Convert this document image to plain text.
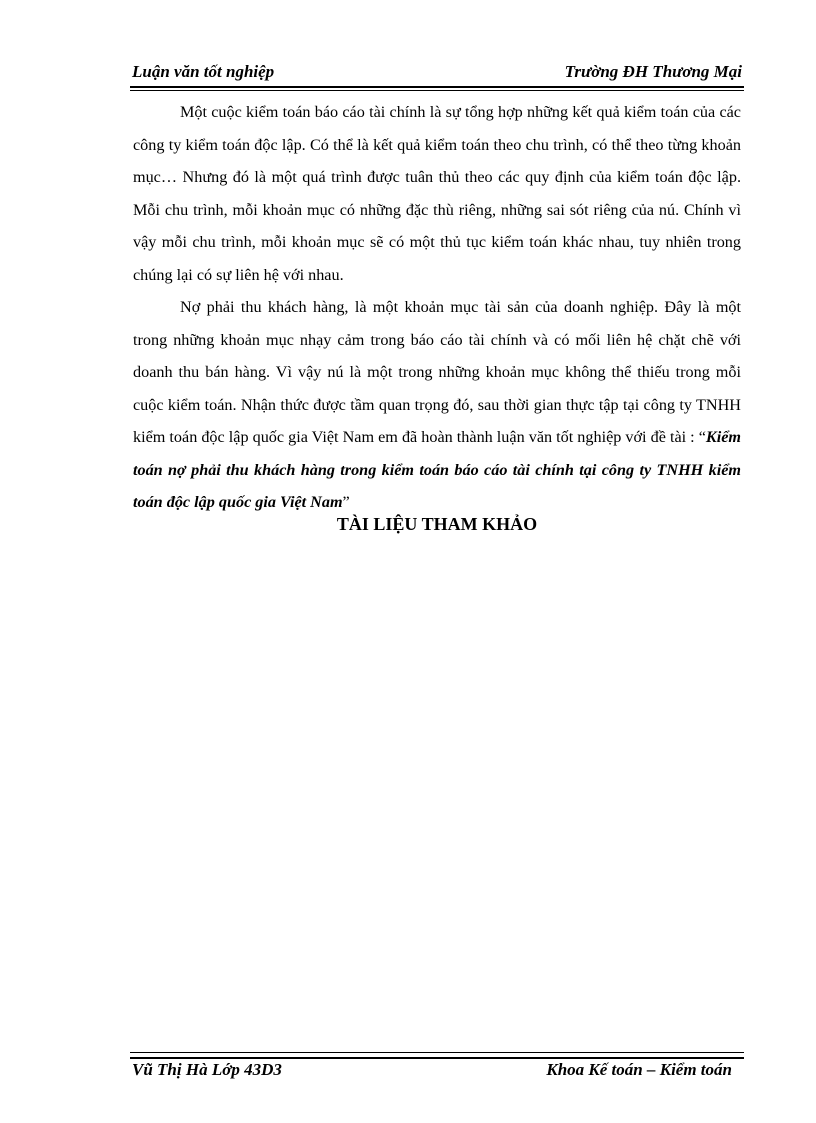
Luận văn tốt nghiệp	Trường ĐH Thương Mại

Một cuộc kiểm toán báo cáo tài chính là sự tổng hợp những kết quả kiểm toán của các công ty kiểm toán độc lập. Có thể là kết quả kiểm toán theo chu trình, có thể theo từng khoản mục… Nhưng đó là một quá trình được tuân thủ theo các quy định của kiểm toán độc lập. Mỗi chu trình, mỗi khoản mục có những đặc thù riêng, những sai sót riêng của nú. Chính vì vậy mỗi chu trình, mỗi khoản mục sẽ có một thủ tục kiểm toán khác nhau, tuy nhiên trong chúng lại có sự liên hệ với nhau.

Nợ phải thu khách hàng, là một khoản mục tài sản của doanh nghiệp. Đây là một trong những khoản mục nhạy cảm trong báo cáo tài chính và có mối liên hệ chặt chẽ với doanh thu bán hàng. Vì vậy nú là một trong những khoản mục không thể thiếu trong mỗi cuộc kiểm toán. Nhận thức được tầm quan trọng đó, sau thời gian thực tập tại công ty TNHH kiểm toán độc lập quốc gia Việt Nam em đã hoàn thành luận văn tốt nghiệp với đề tài : “Kiểm toán nợ phải thu khách hàng trong kiểm toán báo cáo tài chính tại công ty TNHH kiểm toán độc lập quốc gia Việt Nam”

TÀI LIỆU THAM KHẢO
Vũ Thị Hà Lớp 43D3	Khoa Kế toán – Kiểm toán
